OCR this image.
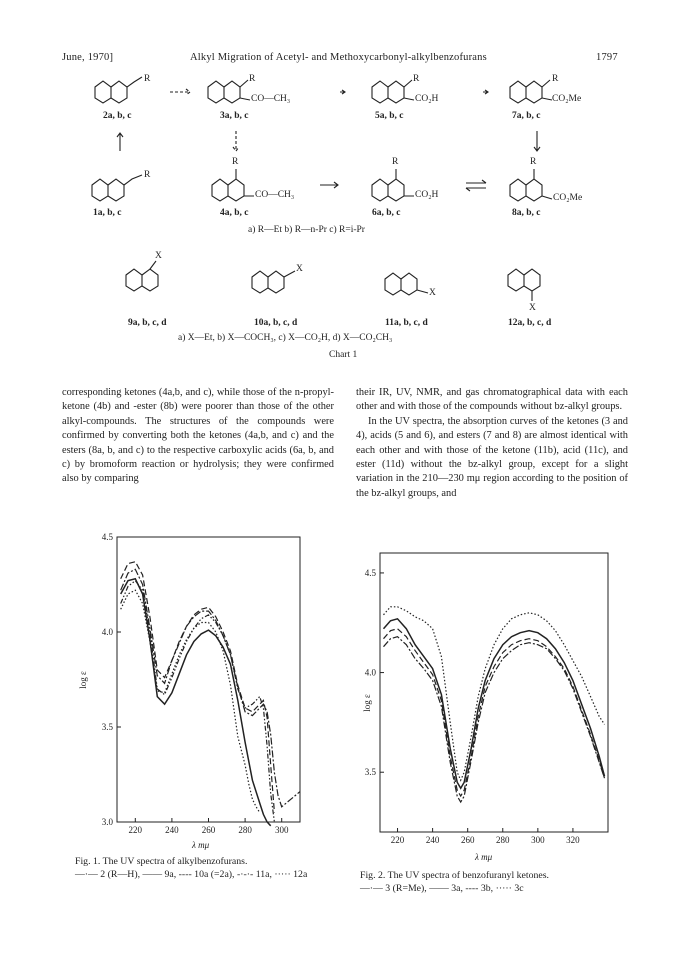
June, 1970]	Alkyl Migration of Acetyl- and Methoxycarbonyl-alkylbenzofurans	1797
R	R
CO—CH₃
R
CO₂H
R
CO₂Me
R
R
CO—CH₃
R
CO₂H
R
CO₂Me
X
X
X
X
2a, b, c	3a, b, c	5a, b, c	7a, b, c
1a, b, c	4a, b, c	6a, b, c	8a, b, c
a) R—Et b) R—n-Pr c) R=i-Pr
9a, b, c, d	10a, b, c, d	11a, b, c, d	12a, b, c, d
a) X—Et, b) X—COCH₃, c) X—CO₂H, d) X—CO₂CH₃
Chart 1

corresponding ketones (4a,b, and c), while those of the n-propyl-ketone (4b) and -ester (8b) were poorer than those of the other alkyl-compounds. The structures of the compounds were confirmed by converting both the ketones (4a,b, and c) and the esters (8a, b, and c) to the respective carboxylic acids (6a, b, and c) by bromoform reaction or hydrolysis; they were confirmed also by comparing

their IR, UV, NMR, and gas chromatographical data with each other and with those of the compounds without bz-alkyl groups.

In the UV spectra, the absorption curves of the ketones (3 and 4), acids (5 and 6), and esters (7 and 8) are almost identical with each other and with those of the ketone (11b), acid (11c), and ester (11d) without the bz-alkyl group, except for a slight variation in the 210—230 mμ region according to the position of the bz-alkyl groups, and

220	240	260	280	300
3.0
3.5
4.0
4.5
220 240 260 280 300 320
3.5
4.0
4.5
log ε
λ mμ
log ε
λ mμ
Fig. 1. The UV spectra of alkylbenzofurans.
—·— 2 (R—H), —— 9a, ---- 10a (=2a), -·-·- 11a, ····· 12a	Fig. 2. The UV spectra of benzofuranyl ketones.
—·— 3 (R=Me), —— 3a, ---- 3b, ····· 3c
